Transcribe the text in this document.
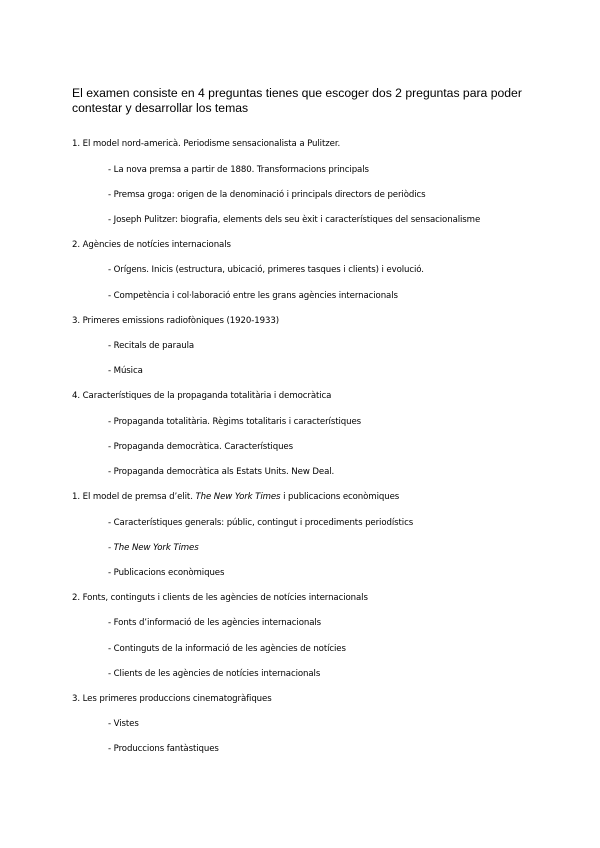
El examen consiste en 4 preguntas tienes que escoger dos 2 preguntas para poder contestar y desarrollar los temas
1. El model nord-americà. Periodisme sensacionalista a Pulitzer.
- La nova premsa a partir de 1880. Transformacions principals
- Premsa groga: origen de la denominació i principals directors de periòdics
- Joseph Pulitzer: biografia, elements dels seu èxit i característiques del sensacionalisme
2. Agències de notícies internacionals
- Orígens. Inicis (estructura, ubicació, primeres tasques i clients) i evolució.
- Competència i col·laboració entre les grans agències internacionals
3. Primeres emissions radiofòniques (1920-1933)
- Recitals de paraula
- Música
4. Característiques de la propaganda totalitària i democràtica
- Propaganda totalitària. Règims totalitaris i característiques
- Propaganda democràtica. Característiques
- Propaganda democràtica als Estats Units. New Deal.
1. El model de premsa d’elit. The New York Times i publicacions econòmiques
- Característiques generals: públic, contingut i procediments periodístics
- The New York Times
- Publicacions econòmiques
2. Fonts, continguts i clients de les agències de notícies internacionals
- Fonts d’informació de les agències internacionals
- Continguts de la informació de les agències de notícies
- Clients de les agències de notícies internacionals
3. Les primeres produccions cinematogràfiques
- Vistes
- Produccions fantàstiques
